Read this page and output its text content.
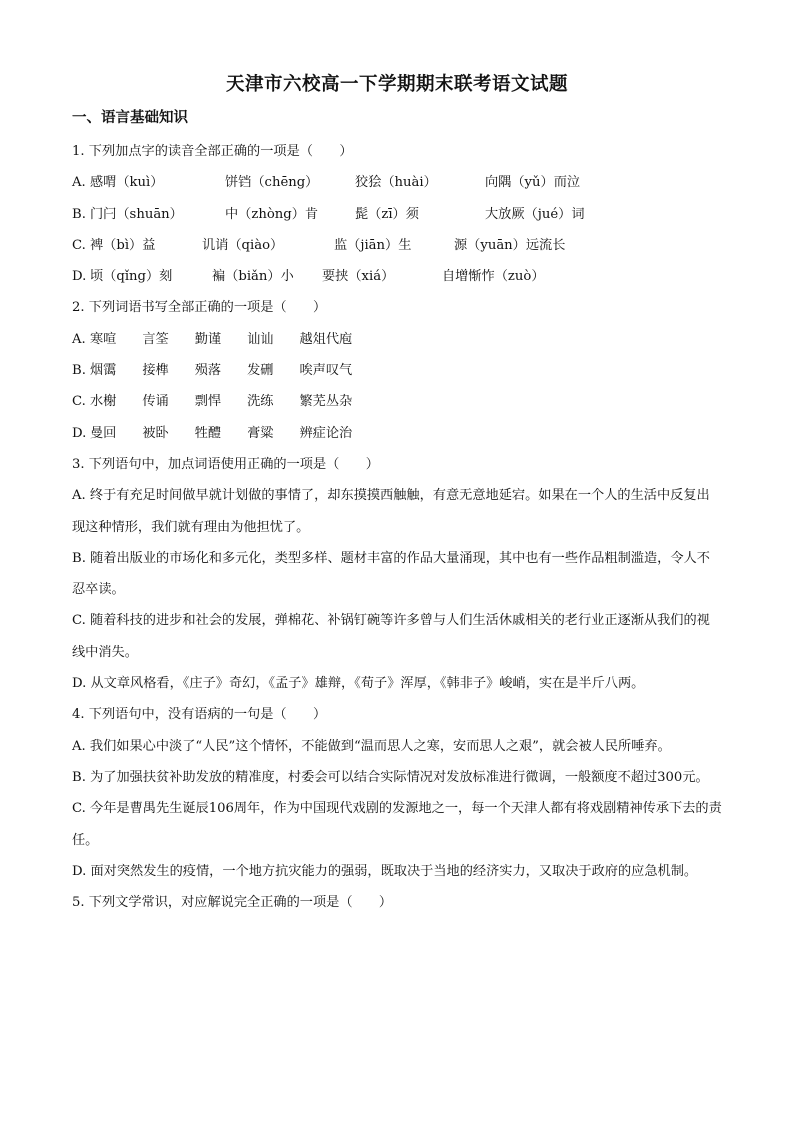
天津市六校高一下学期期末联考语文试题
一、语言基础知识
1. 下列加点字的读音全部正确的一项是（　　）
A. 感喟（kuì）	饼铛（chēng）	狡狯（huài）	向隅（yǔ）而泣
B. 门闩（shuān）	中（zhòng）肯	髭（zī）须	大放厥（jué）词
C. 裨（bì）益	讥诮（qiào）	监（jiān）生	源（yuān）远流长
D. 顷（qǐng）刻	褊（biǎn）小 要挟（xiá）	自增惭怍（zuò）
2. 下列词语书写全部正确的一项是（　　）
A. 寒喧 言筌 勤谨 讪讪 越俎代庖
B. 烟霭 接榫 殒落 发硎 唉声叹气
C. 水榭 传诵 剽悍 洗练 繁芜丛杂
D. 曼回 被卧 牲醴 膏粱 辨症论治
3. 下列语句中，加点词语使用正确的一项是（　　）
A. 终于有充足时间做早就计划做的事情了，却东摸摸西触触，有意无意地延宕。如果在一个人的生活中反复出现这种情形，我们就有理由为他担忧了。
B. 随着出版业的市场化和多元化，类型多样、题材丰富的作品大量涌现，其中也有一些作品粗制滥造，令人不忍卒读。
C. 随着科技的进步和社会的发展，弹棉花、补锅钉碗等许多曾与人们生活休戚相关的老行业正逐渐从我们的视线中消失。
D. 从文章风格看，《庄子》奇幻，《孟子》雄辩，《荀子》浑厚，《韩非子》峻峭，实在是半斤八两。
4. 下列语句中，没有语病的一句是（　　）
A. 我们如果心中淡了“人民”这个情怀，不能做到“温而思人之寒，安而思人之艰”，就会被人民所唾弃。
B. 为了加强扶贫补助发放的精准度，村委会可以结合实际情况对发放标准进行微调，一般额度不超过300元。
C. 今年是曹禺先生诞辰106周年，作为中国现代戏剧的发源地之一，每一个天津人都有将戏剧精神传承下去的责任。
D. 面对突然发生的疫情，一个地方抗灾能力的强弱，既取决于当地的经济实力，又取决于政府的应急机制。
5. 下列文学常识，对应解说完全正确的一项是（　　）
